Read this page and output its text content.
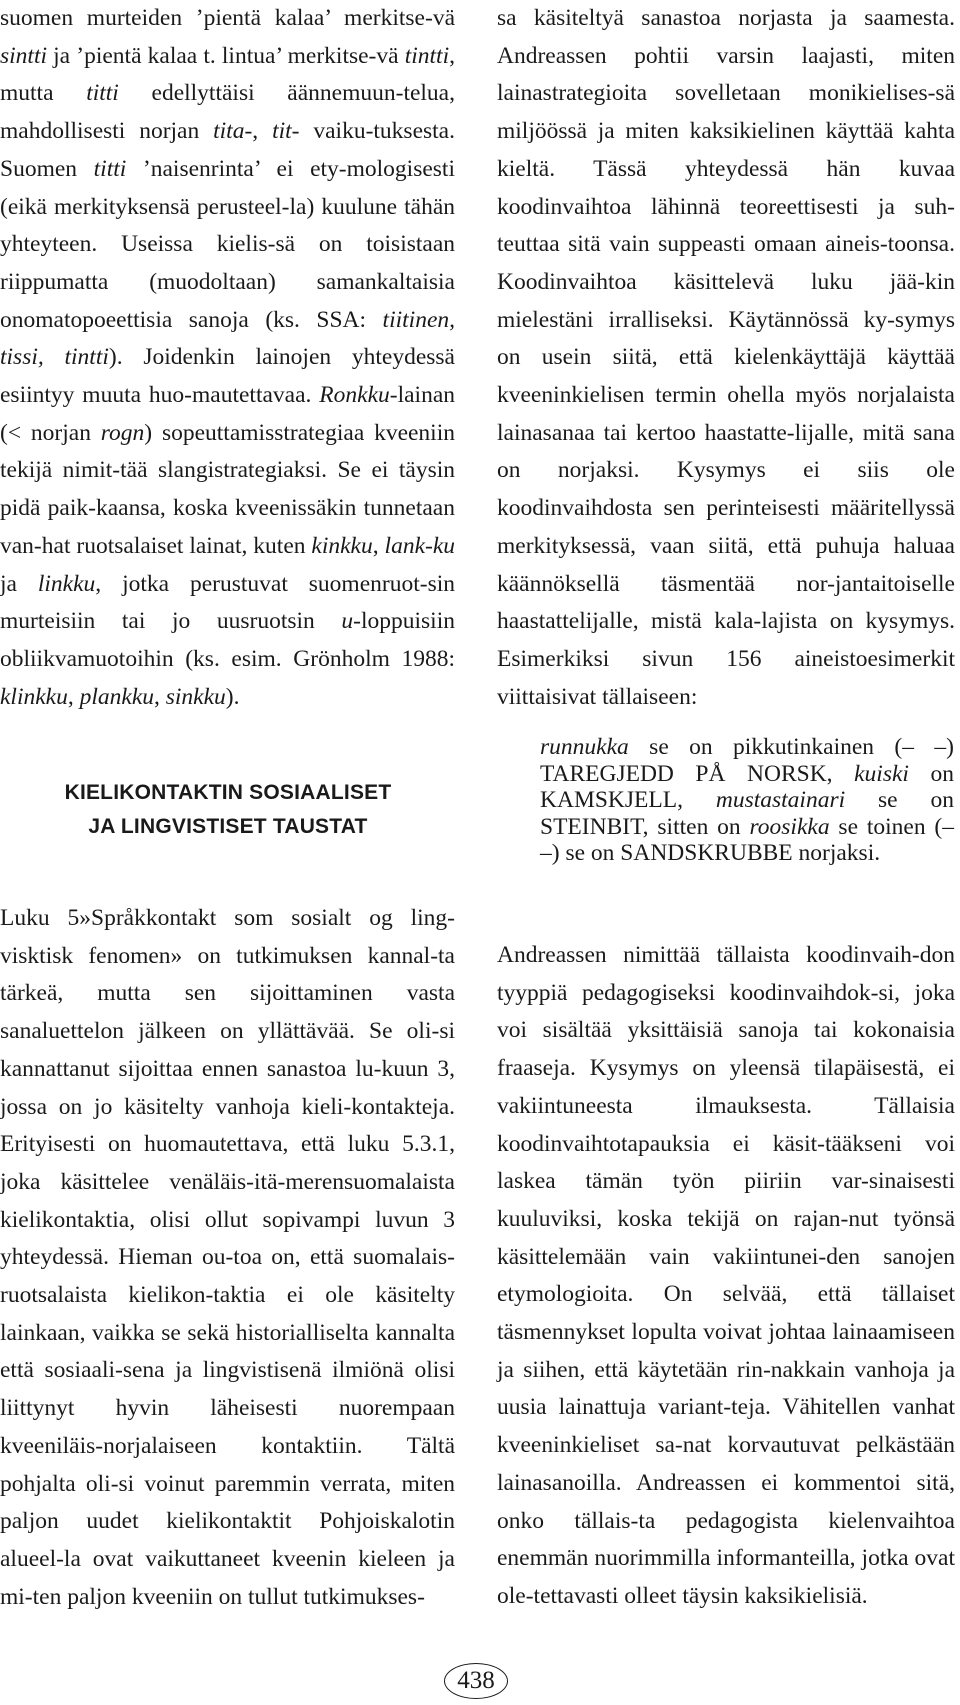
suomen murteiden ’pientä kalaa’ merkitse-vä sintti ja ’pientä kalaa t. lintua’ merkitse-vä tintti, mutta titti edellyttäisi äännemuun-telua, mahdollisesti norjan tita-, tit- vaiku-tuksesta. Suomen titti ’naisenrinta’ ei ety-mologisesti (eikä merkityksensä perusteel-la) kuulune tähän yhteyteen. Useissa kielis-sä on toisistaan riippumatta (muodoltaan) samankaltaisia onomatopoeettisia sanoja (ks. SSA: tiitinen, tissi, tintti). Joidenkin lainojen yhteydessä esiintyy muuta huo-mautettavaa. Ronkku-lainan (< norjan rogn) sopeuttamisstrategiaa kveeniin tekijä nimit-tää slangistrategiaksi. Se ei täysin pidä paik-kaansa, koska kveenissäkin tunnetaan van-hat ruotsalaiset lainat, kuten kinkku, lank-ku ja linkku, jotka perustuvat suomenruot-sin murteisiin tai jo uusruotsin u-loppuisiin obliikvamuotoihin (ks. esim. Grönholm 1988: klinkku, plankku, sinkku).

KIELIKONTAKTIN SOSIAALISET
JA LINGVISTISET TAUSTAT

Luku 5»Språkkontakt som sosialt og ling-visktisk fenomen» on tutkimuksen kannal-ta tärkeä, mutta sen sijoittaminen vasta sanaluettelon jälkeen on yllättävää. Se oli-si kannattanut sijoittaa ennen sanastoa lu-kuun 3, jossa on jo käsitelty vanhoja kieli-kontakteja. Erityisesti on huomautettava, että luku 5.3.1, joka käsittelee venäläis-itä-merensuomalaista kielikontaktia, olisi ollut sopivampi luvun 3 yhteydessä. Hieman ou-toa on, että suomalais-ruotsalaista kielikon-taktia ei ole käsitelty lainkaan, vaikka se sekä historialliselta kannalta että sosiaali-sena ja lingvistisenä ilmiönä olisi liittynyt hyvin läheisesti nuorempaan kveeniläis-norjalaiseen kontaktiin. Tältä pohjalta oli-si voinut paremmin verrata, miten paljon uudet kielikontaktit Pohjoiskalotin alueel-la ovat vaikuttaneet kveenin kieleen ja mi-ten paljon kveeniin on tullut tutkimukses-

sa käsiteltyä sanastoa norjasta ja saamesta. Andreassen pohtii varsin laajasti, miten lainastrategioita sovelletaan monikielises-sä miljöössä ja miten kaksikielinen käyttää kahta kieltä. Tässä yhteydessä hän kuvaa koodinvaihtoa lähinnä teoreettisesti ja suh-teuttaa sitä vain suppeasti omaan aineis-toonsa. Koodinvaihtoa käsittelevä luku jää-kin mielestäni irralliseksi. Käytännössä ky-symys on usein siitä, että kielenkäyttäjä käyttää kveeninkielisen termin ohella myös norjalaista lainasanaa tai kertoo haastatte-lijalle, mitä sana on norjaksi. Kysymys ei siis ole koodinvaihdosta sen perinteisesti määritellyssä merkityksessä, vaan siitä, että puhuja haluaa käännöksellä täsmentää nor-jantaitoiselle haastattelijalle, mistä kala-lajista on kysymys. Esimerkiksi sivun 156 aineistoesimerkit viittaisivat tällaiseen:

runnukka se on pikkutinkainen (– –) TAREGJEDD PÅ NORSK, kuiski on KAMSKJELL, mustastainari se on STEINBIT, sitten on roosikka se toinen (– –) se on SANDSKRUBBE norjaksi.

Andreassen nimittää tällaista koodinvaih-don tyyppiä pedagogiseksi koodinvaihdok-si, joka voi sisältää yksittäisiä sanoja tai kokonaisia fraaseja. Kysymys on yleensä tilapäisestä, ei vakiintuneesta ilmauksesta. Tällaisia koodinvaihtotapauksia ei käsit-tääkseni voi laskea tämän työn piiriin var-sinaisesti kuuluviksi, koska tekijä on rajan-nut työnsä käsittelemään vain vakiintunei-den sanojen etymologioita. On selvää, että tällaiset täsmennykset lopulta voivat johtaa lainaamiseen ja siihen, että käytetään rin-nakkain vanhoja ja uusia lainattuja variant-teja. Vähitellen vanhat kveeninkieliset sa-nat korvautuvat pelkästään lainasanoilla. Andreassen ei kommentoi sitä, onko tällais-ta pedagogista kielenvaihtoa enemmän nuorimmilla informanteilla, jotka ovat ole-tettavasti olleet täysin kaksikielisiä.

438
